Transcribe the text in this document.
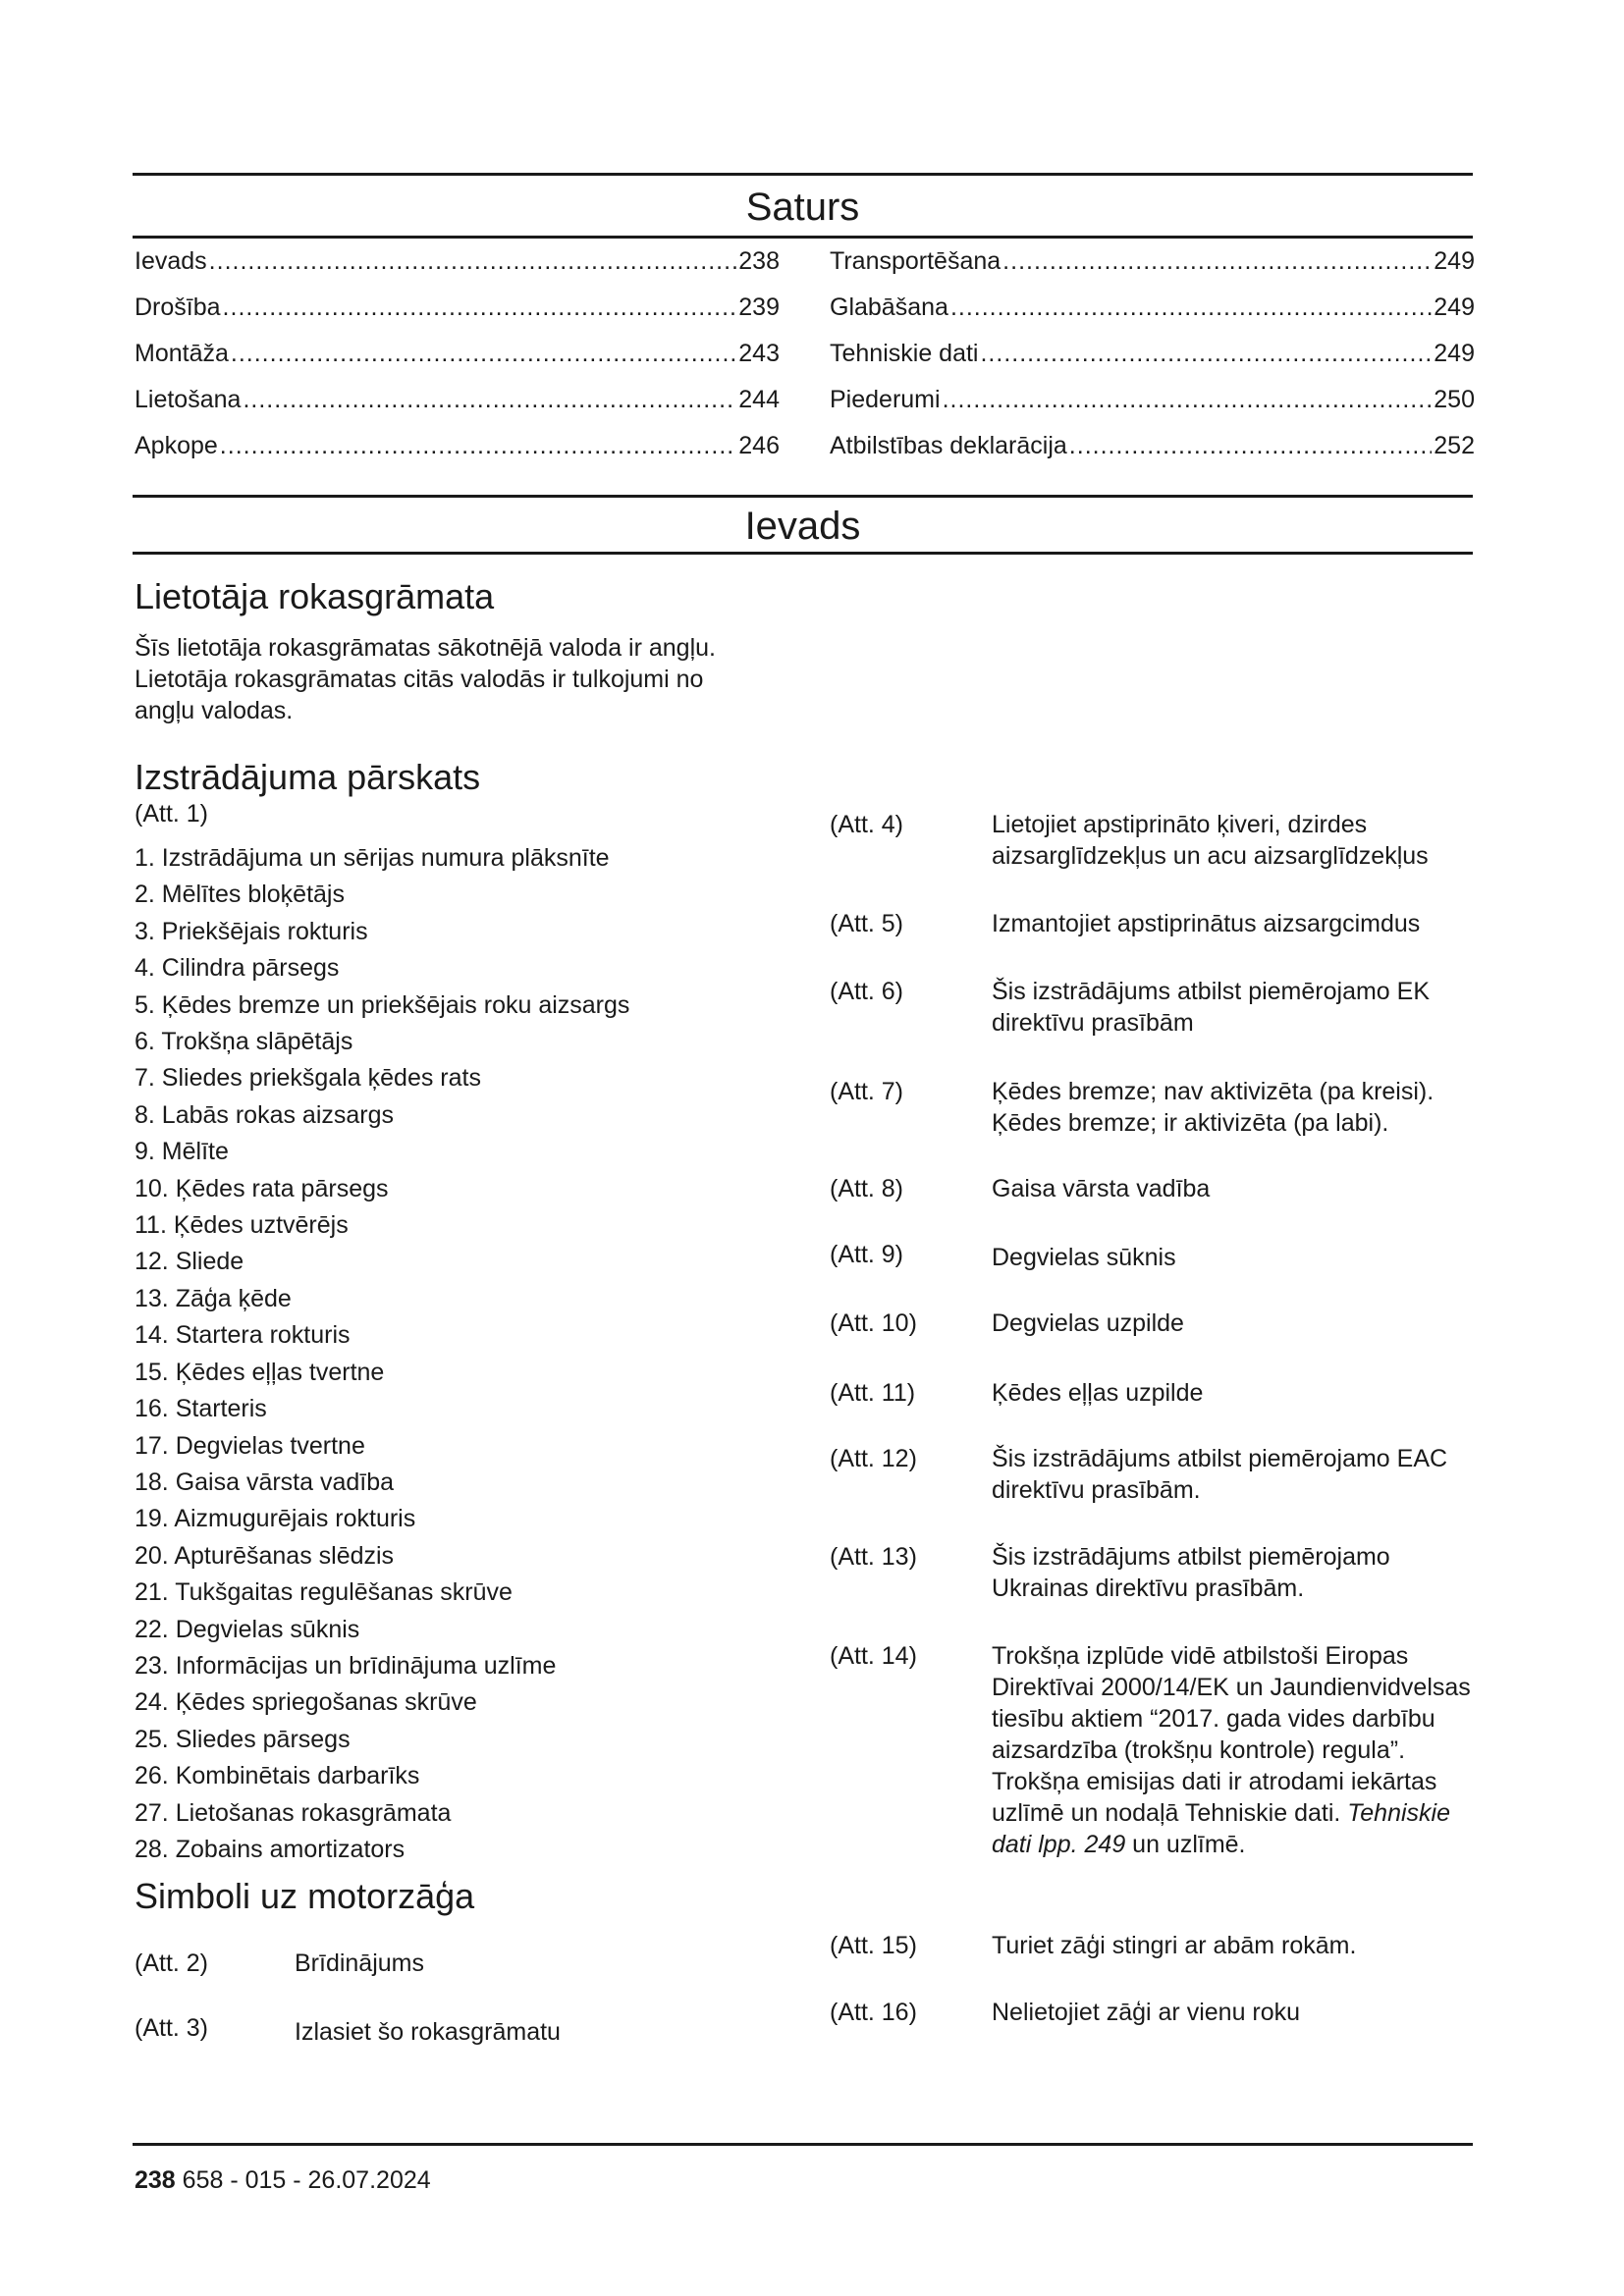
Saturs
Ievads .....	238
Drošība .....	239
Montāža .....	243
Lietošana .....	244
Apkope .....	246
Transportēšana .....	249
Glabāšana .....	249
Tehniskie dati .....	249
Piederumi .....	250
Atbilstības deklarācija .....	252
Ievads
Lietotāja rokasgrāmata
Šīs lietotāja rokasgrāmatas sākotnējā valoda ir angļu. Lietotāja rokasgrāmatas citās valodās ir tulkojumi no angļu valodas.
Izstrādājuma pārskats
(Att. 1)
1. Izstrādājuma un sērijas numura plāksnīte
2. Mēlītes bloķētājs
3. Priekšējais rokturis
4. Cilindra pārsegs
5. Ķēdes bremze un priekšējais roku aizsargs
6. Trokšņa slāpētājs
7. Sliedes priekšgala ķēdes rats
8. Labās rokas aizsargs
9. Mēlīte
10. Ķēdes rata pārsegs
11. Ķēdes uztvērējs
12. Sliede
13. Zāģa ķēde
14. Startera rokturis
15. Ķēdes eļļas tvertne
16. Starteris
17. Degvielas tvertne
18. Gaisa vārsta vadība
19. Aizmugurējais rokturis
20. Apturēšanas slēdzis
21. Tukšgaitas regulēšanas skrūve
22. Degvielas sūknis
23. Informācijas un brīdinājuma uzlīme
24. Ķēdes spriegošanas skrūve
25. Sliedes pārsegs
26. Kombinētais darbarīks
27. Lietošanas rokasgrāmata
28. Zobains amortizators
Simboli uz motorzāģa
(Att. 2)	Brīdinājums
(Att. 3)	Izlasiet šo rokasgrāmatu
(Att. 4)	Lietojiet apstiprināto ķiveri, dzirdes aizsarglīdzekļus un acu aizsarglīdzekļus
(Att. 5)	Izmantojiet apstiprinātus aizsargcimdus
(Att. 6)	Šis izstrādājums atbilst piemērojamo EK direktīvu prasībām
(Att. 7)	Ķēdes bremze; nav aktivizēta (pa kreisi). Ķēdes bremze; ir aktivizēta (pa labi).
(Att. 8)	Gaisa vārsta vadība
(Att. 9)	Degvielas sūknis
(Att. 10)	Degvielas uzpilde
(Att. 11)	Ķēdes eļļas uzpilde
(Att. 12)	Šis izstrādājums atbilst piemērojamo EAC direktīvu prasībām.
(Att. 13)	Šis izstrādājums atbilst piemērojamo Ukrainas direktīvu prasībām.
(Att. 14)	Trokšņa izplūde vidē atbilstoši Eiropas Direktīvai 2000/14/EK un Jaundienvidvelsas tiesību aktiem “2017. gada vides darbību aizsardzība (trokšņu kontrole) regula”. Trokšņa emisijas dati ir atrodami iekārtas uzlīmē un nodaļā Tehniskie dati. Tehniskie dati lpp. 249 un uzlīmē.
(Att. 15)	Turiet zāģi stingri ar abām rokām.
(Att. 16)	Nelietojiet zāģi ar vienu roku
238 658 - 015 - 26.07.2024
